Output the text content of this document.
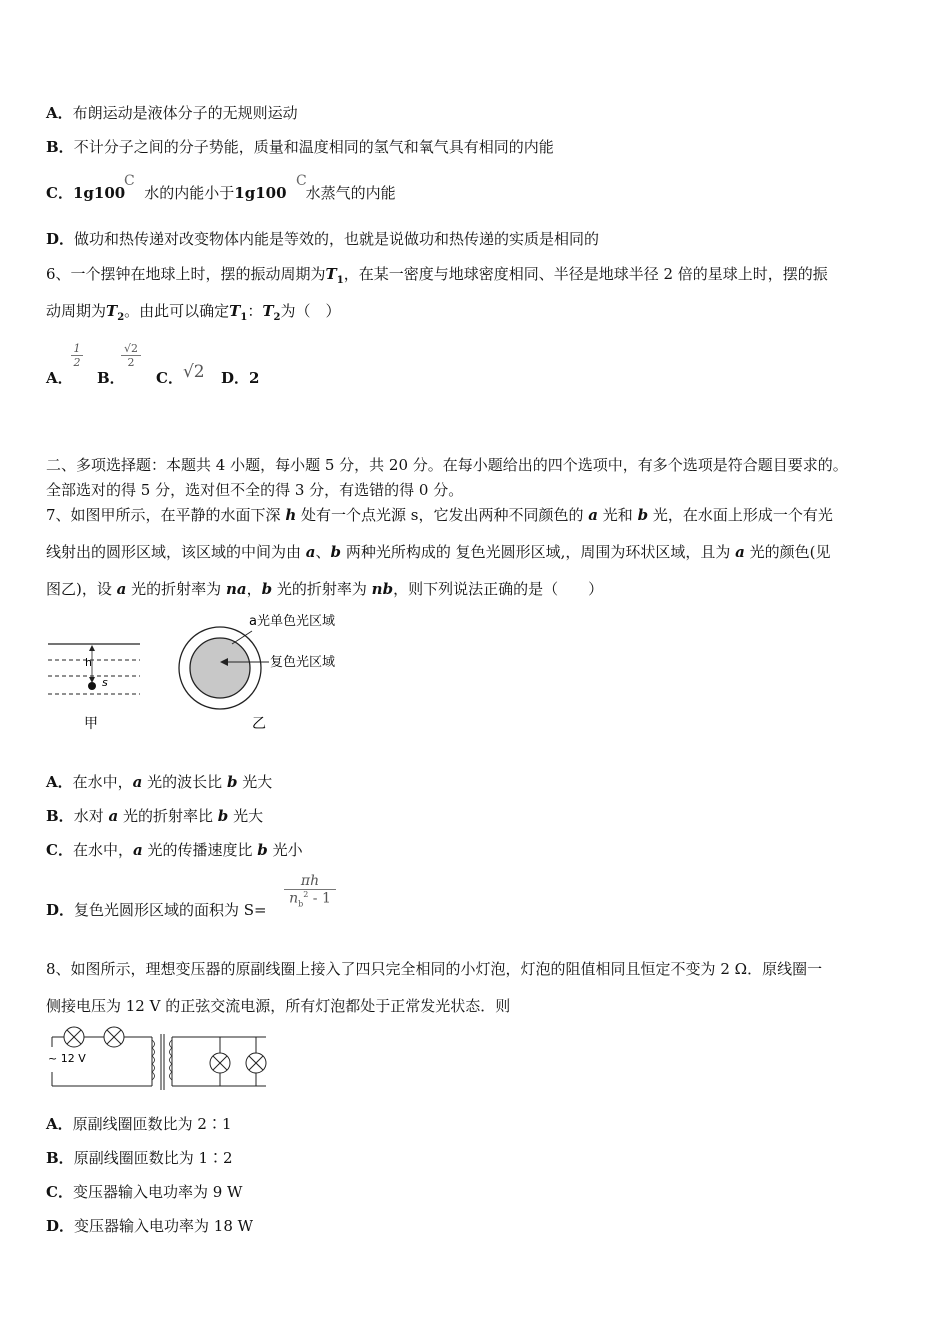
A．布朗运动是液体分子的无规则运动
B．不计分子之间的分子势能，质量和温度相同的氢气和氧气具有相同的内能
C．1g100 水的内能小于1g100 水蒸气的内能
C	C
D．做功和热传递对改变物体内能是等效的，也就是说做功和热传递的实质是相同的
6、一个摆钟在地球上时，摆的振动周期为$T_1$，在某一密度与地球密度相同、半径是地球半径 2 倍的星球上时，摆的振
动周期为$T_2$。由此可以确定$T_1$：$T_2$为（　）
A．
$\frac{1}{2}$
B．
$\frac{√2}{2}$
C．√2 D．2
二、多项选择题：本题共 4 小题，每小题 5 分，共 20 分。在每小题给出的四个选项中，有多个选项是符合题目要求的。
全部选对的得 5 分，选对但不全的得 3 分，有选错的得 0 分。
7、如图甲所示，在平静的水面下深 h 处有一个点光源 s，它发出两种不同颜色的 a 光和 b 光，在水面上形成一个有光
线射出的圆形区域，该区域的中间为由 a、b 两种光所构成的 复色光圆形区域,，周围为环状区域，且为 a 光的颜色(见
图乙)，设 a 光的折射率为 na，b 光的折射率为 nb，则下列说法正确的是（　　）
h
s
甲
a光单色光区域
复色光区域
乙
A．在水中，a 光的波长比 b 光大
B．水对 a 光的折射率比 b 光大
C．在水中，a 光的传播速度比 b 光小
D．复色光圆形区域的面积为 S=
$\frac{\pi h}{n_b^2 - 1}$
8、如图所示，理想变压器的原副线圈上接入了四只完全相同的小灯泡，灯泡的阻值相同且恒定不变为 2 Ω．原线圈一
侧接电压为 12 V 的正弦交流电源，所有灯泡都处于正常发光状态．则
~ 12 V
A．原副线圈匝数比为 2∶1
B．原副线圈匝数比为 1∶2
C．变压器输入电功率为 9 W
D．变压器输入电功率为 18 W
